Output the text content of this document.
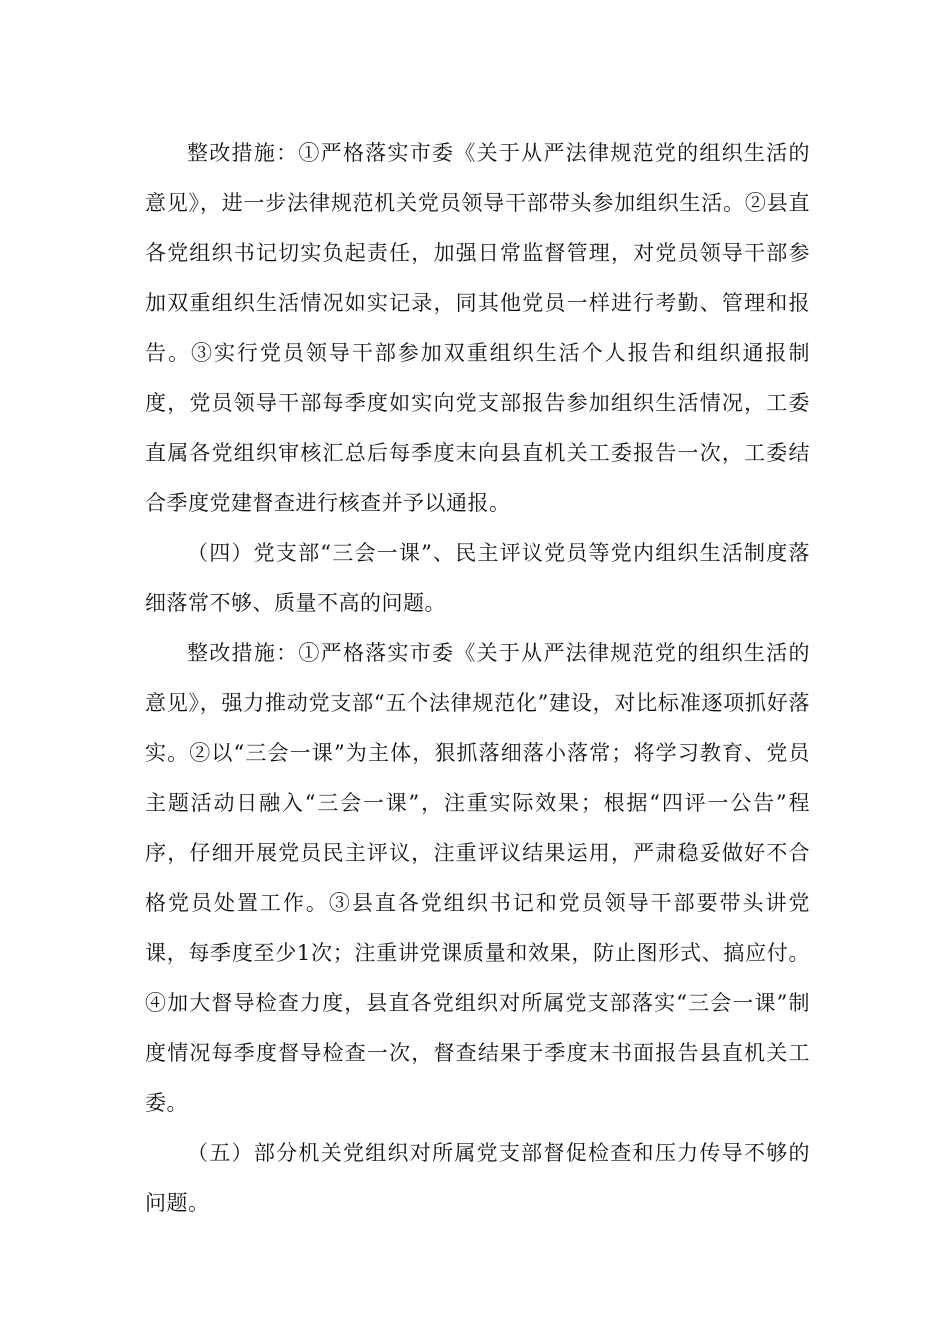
整改措施：①严格落实市委《关于从严法律规范党的组织生活的意见》，进一步法律规范机关党员领导干部带头参加组织生活。②县直各党组织书记切实负起责任，加强日常监督管理，对党员领导干部参加双重组织生活情况如实记录，同其他党员一样进行考勤、管理和报告。③实行党员领导干部参加双重组织生活个人报告和组织通报制度，党员领导干部每季度如实向党支部报告参加组织生活情况，工委直属各党组织审核汇总后每季度末向县直机关工委报告一次，工委结合季度党建督查进行核查并予以通报。

（四）党支部“三会一课”、民主评议党员等党内组织生活制度落细落常不够、质量不高的问题。

整改措施：①严格落实市委《关于从严法律规范党的组织生活的意见》，强力推动党支部“五个法律规范化”建设，对比标准逐项抓好落实。②以“三会一课”为主体，狠抓落细落小落常；将学习教育、党员主题活动日融入“三会一课”，注重实际效果；根据“四评一公告”程序，仔细开展党员民主评议，注重评议结果运用，严肃稳妥做好不合格党员处置工作。③县直各党组织书记和党员领导干部要带头讲党课，每季度至少1次；注重讲党课质量和效果，防止图形式、搞应付。④加大督导检查力度，县直各党组织对所属党支部落实“三会一课”制度情况每季度督导检查一次，督查结果于季度末书面报告县直机关工委。

（五）部分机关党组织对所属党支部督促检查和压力传导不够的问题。
